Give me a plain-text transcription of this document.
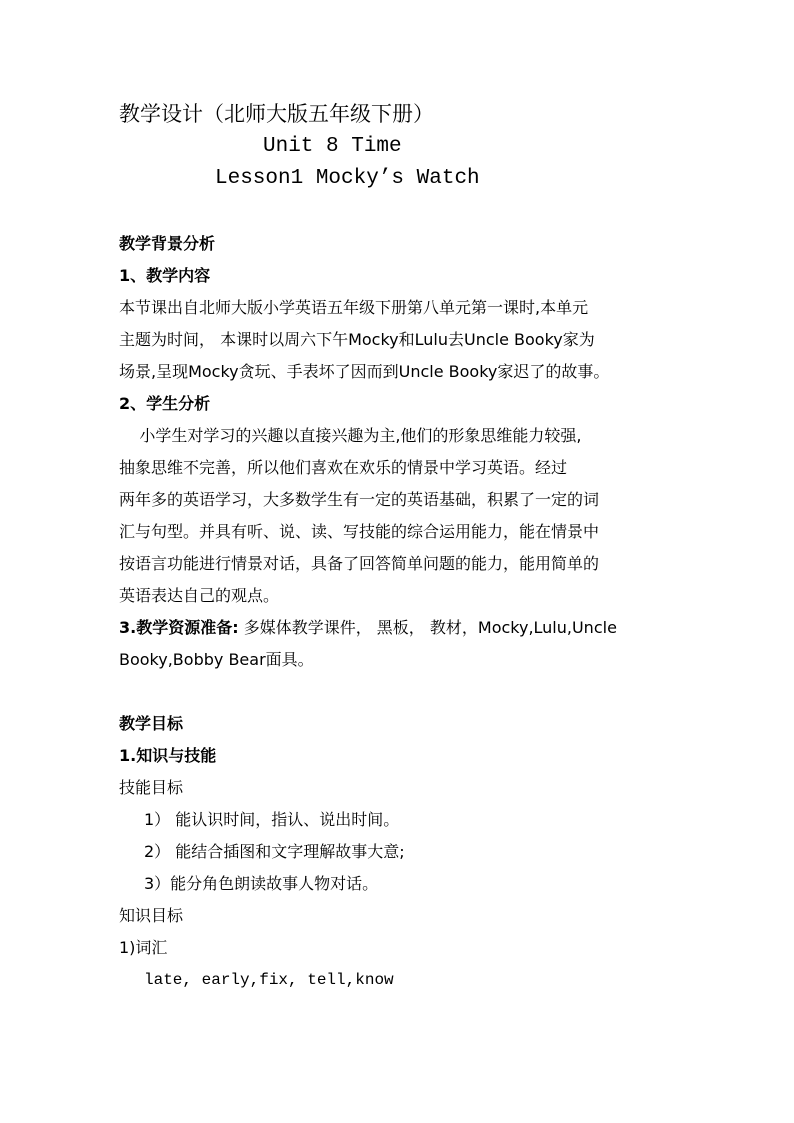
教学设计（北师大版五年级下册）
Unit 8 Time
Lesson1 Mocky’s Watch
教学背景分析
1、教学内容
本节课出自北师大版小学英语五年级下册第八单元第一课时,本单元
主题为时间， 本课时以周六下午Mocky和Lulu去Uncle Booky家为
场景,呈现Mocky贪玩、手表坏了因而到Uncle Booky家迟了的故事。
2、学生分析
小学生对学习的兴趣以直接兴趣为主,他们的形象思维能力较强,
抽象思维不完善，所以他们喜欢在欢乐的情景中学习英语。经过
两年多的英语学习，大多数学生有一定的英语基础，积累了一定的词
汇与句型。并具有听、说、读、写技能的综合运用能力，能在情景中
按语言功能进行情景对话，具备了回答简单问题的能力，能用简单的
英语表达自己的观点。
3.教学资源准备: 多媒体教学课件， 黑板， 教材，Mocky,Lulu,Uncle
Booky,Bobby Bear面具。
教学目标
1.知识与技能
技能目标
1） 能认识时间，指认、说出时间。
2） 能结合插图和文字理解故事大意;
3）能分角色朗读故事人物对话。
知识目标
1)词汇
late, early,fix, tell,know
